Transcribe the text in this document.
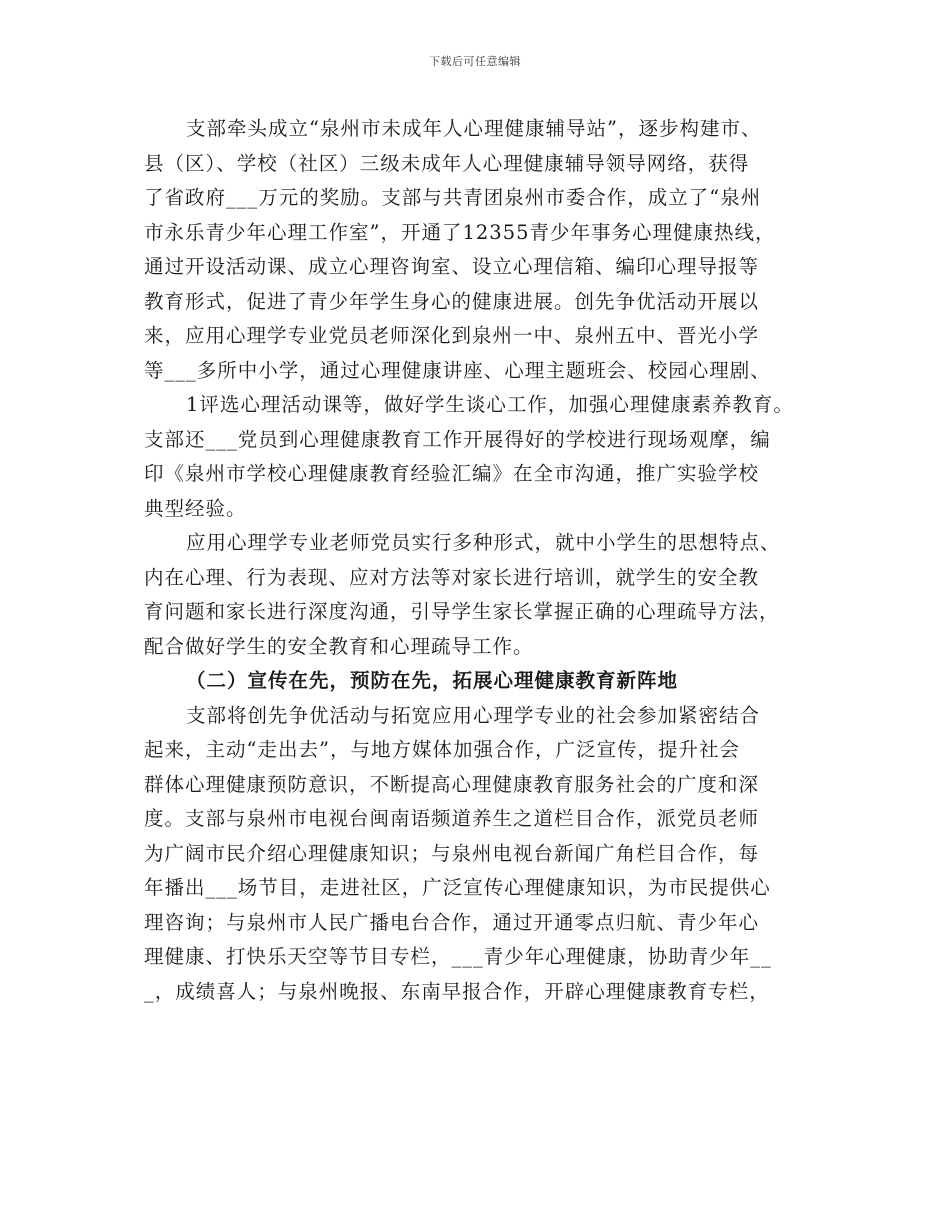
下载后可任意编辑
支部牵头成立“泉州市未成年人心理健康辅导站”，逐步构建市、
县（区）、学校（社区）三级未成年人心理健康辅导领导网络，获得
了省政府___万元的奖励。支部与共青团泉州市委合作，成立了“泉州
市永乐青少年心理工作室”，开通了12355青少年事务心理健康热线，
通过开设活动课、成立心理咨询室、设立心理信箱、编印心理导报等
教育形式，促进了青少年学生身心的健康进展。创先争优活动开展以
来，应用心理学专业党员老师深化到泉州一中、泉州五中、晋光小学
等___多所中小学，通过心理健康讲座、心理主题班会、校园心理剧、
1评选心理活动课等，做好学生谈心工作，加强心理健康素养教育。
支部还___党员到心理健康教育工作开展得好的学校进行现场观摩，编
印《泉州市学校心理健康教育经验汇编》在全市沟通，推广实验学校
典型经验。
应用心理学专业老师党员实行多种形式，就中小学生的思想特点、
内在心理、行为表现、应对方法等对家长进行培训，就学生的安全教
育问题和家长进行深度沟通，引导学生家长掌握正确的心理疏导方法，
配合做好学生的安全教育和心理疏导工作。
（二）宣传在先，预防在先，拓展心理健康教育新阵地
支部将创先争优活动与拓宽应用心理学专业的社会参加紧密结合
起来，主动“走出去”，与地方媒体加强合作，广泛宣传，提升社会
群体心理健康预防意识，不断提高心理健康教育服务社会的广度和深
度。支部与泉州市电视台闽南语频道养生之道栏目合作，派党员老师
为广阔市民介绍心理健康知识；与泉州电视台新闻广角栏目合作，每
年播出___场节目，走进社区，广泛宣传心理健康知识，为市民提供心
理咨询；与泉州市人民广播电台合作，通过开通零点归航、青少年心
理健康、打快乐天空等节目专栏，___青少年心理健康，协助青少年__
_，成绩喜人；与泉州晚报、东南早报合作，开辟心理健康教育专栏，
